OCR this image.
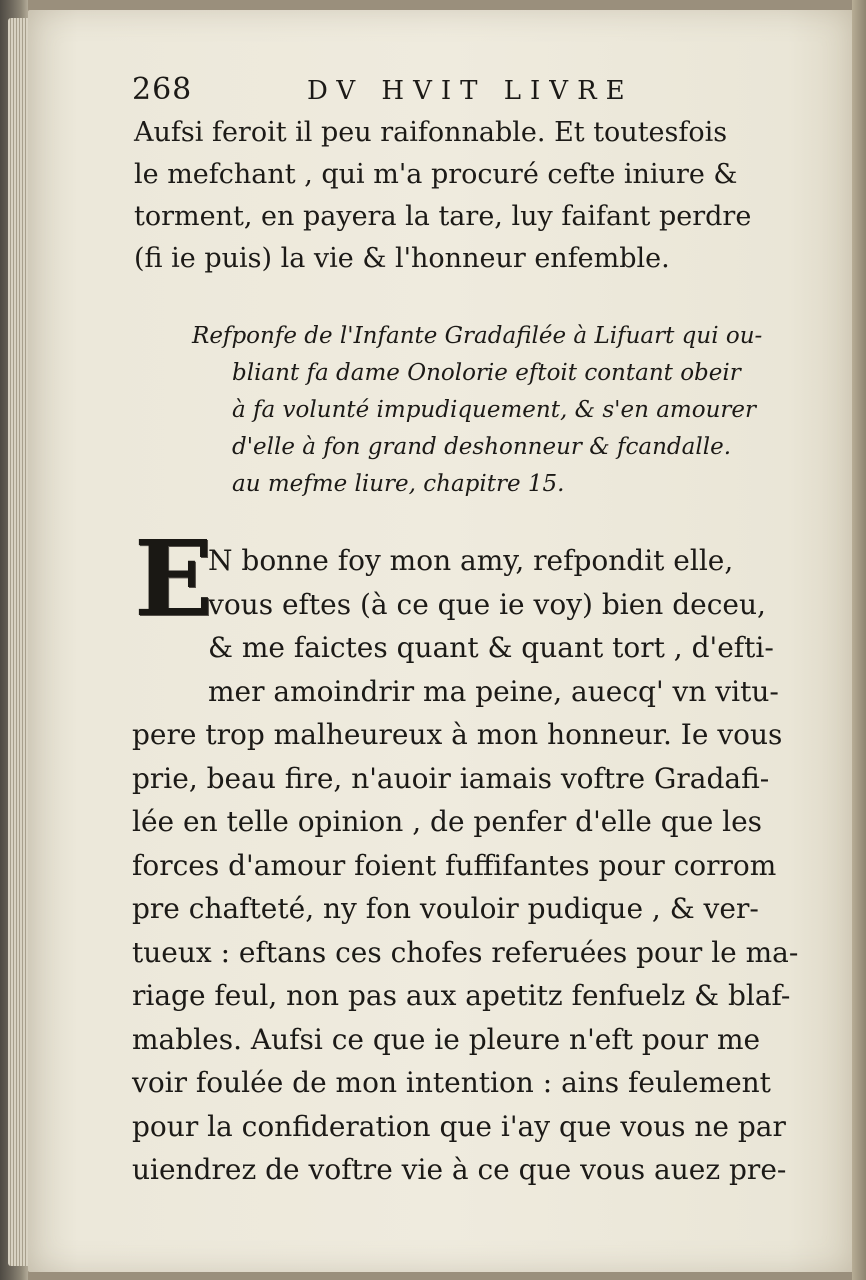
268	DV HVIT LIVRE
Aufsi feroit il peu raifonnable. Et toutesfois
le mefchant , qui m'a procuré cefte iniure &
torment, en payera la tare, luy faifant perdre
(fi ie puis) la vie & l'honneur enfemble.
Refponfe de l'Infante Gradafilée à Lifuart qui ou-
bliant fa dame Onolorie eftoit contant obeir
à fa volunté impudiquement, & s'en amourer
d'elle à fon grand deshonneur & fcandalle.
au mefme liure, chapitre 15.
E
N bonne foy mon amy, refpondit elle,
vous eftes (à ce que ie voy) bien deceu,
& me faictes quant & quant tort , d'efti-
mer amoindrir ma peine, auecq' vn vitu-
pere trop malheureux à mon honneur. Ie vous
prie, beau fire, n'auoir iamais voftre Gradafi-
lée en telle opinion , de penfer d'elle que les
forces d'amour foient fuffifantes pour corrom
pre chafteté, ny fon vouloir pudique , & ver-
tueux : eftans ces chofes referuées pour le ma-
riage feul, non pas aux apetitz fenfuelz & blaf-
mables. Aufsi ce que ie pleure n'eft pour me
voir foulée de mon intention : ains feulement
pour la confideration que i'ay que vous ne par
uiendrez de voftre vie à ce que vous auez pre-
